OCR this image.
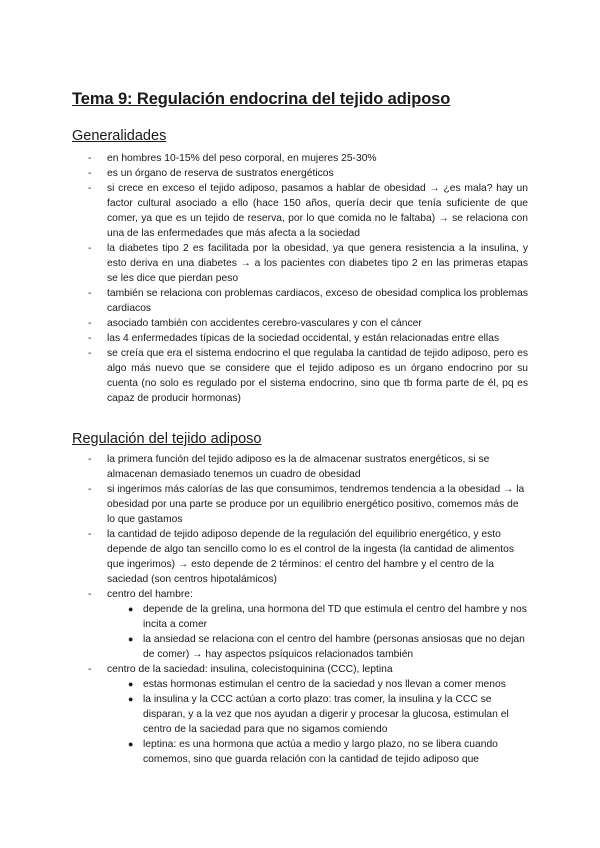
Tema 9: Regulación endocrina del tejido adiposo
Generalidades
- en hombres 10-15% del peso corporal, en mujeres 25-30%
- es un órgano de reserva de sustratos energéticos
- si crece en exceso el tejido adiposo, pasamos a hablar de obesidad → ¿es mala? hay un factor cultural asociado a ello (hace 150 años, quería decir que tenía suficiente de que comer, ya que es un tejido de reserva, por lo que comida no le faltaba) → se relaciona con una de las enfermedades que más afecta a la sociedad
- la diabetes tipo 2 es facilitada por la obesidad, ya que genera resistencia a la insulina, y esto deriva en una diabetes → a los pacientes con diabetes tipo 2 en las primeras etapas se les dice que pierdan peso
- también se relaciona con problemas cardiacos, exceso de obesidad complica los problemas cardiacos
- asociado también con accidentes cerebro-vasculares y con el cáncer
- las 4 enfermedades típicas de la sociedad occidental, y están relacionadas entre ellas
- se creía que era el sistema endocrino el que regulaba la cantidad de tejido adiposo, pero es algo más nuevo que se considere que el tejido adiposo es un órgano endocrino por su cuenta (no solo es regulado por el sistema endocrino, sino que tb forma parte de él, pq es capaz de producir hormonas)
Regulación del tejido adiposo
- la primera función del tejido adiposo es la de almacenar sustratos energéticos, si se almacenan demasiado tenemos un cuadro de obesidad
- si ingerimos más calorías de las que consumimos, tendremos tendencia a la obesidad → la obesidad por una parte se produce por un equilibrio energético positivo, comemos más de lo que gastamos
- la cantidad de tejido adiposo depende de la regulación del equilibrio energético, y esto depende de algo tan sencillo como lo es el control de la ingesta (la cantidad de alimentos que ingerimos) → esto depende de 2 términos: el centro del hambre y el centro de la saciedad (son centros hipotalámicos)
- centro del hambre:
● depende de la grelina, una hormona del TD que estimula el centro del hambre y nos incita a comer
● la ansiedad se relaciona con el centro del hambre (personas ansiosas que no dejan de comer) → hay aspectos psíquicos relacionados también
- centro de la saciedad: insulina, colecistoquinina (CCC), leptina
● estas hormonas estimulan el centro de la saciedad y nos llevan a comer menos
● la insulina y la CCC actúan a corto plazo: tras comer, la insulina y la CCC se disparan, y a la vez que nos ayudan a digerir y procesar la glucosa, estimulan el centro de la saciedad para que no sigamos comiendo
● leptina: es una hormona que actúa a medio y largo plazo, no se libera cuando comemos, sino que guarda relación con la cantidad de tejido adiposo que
